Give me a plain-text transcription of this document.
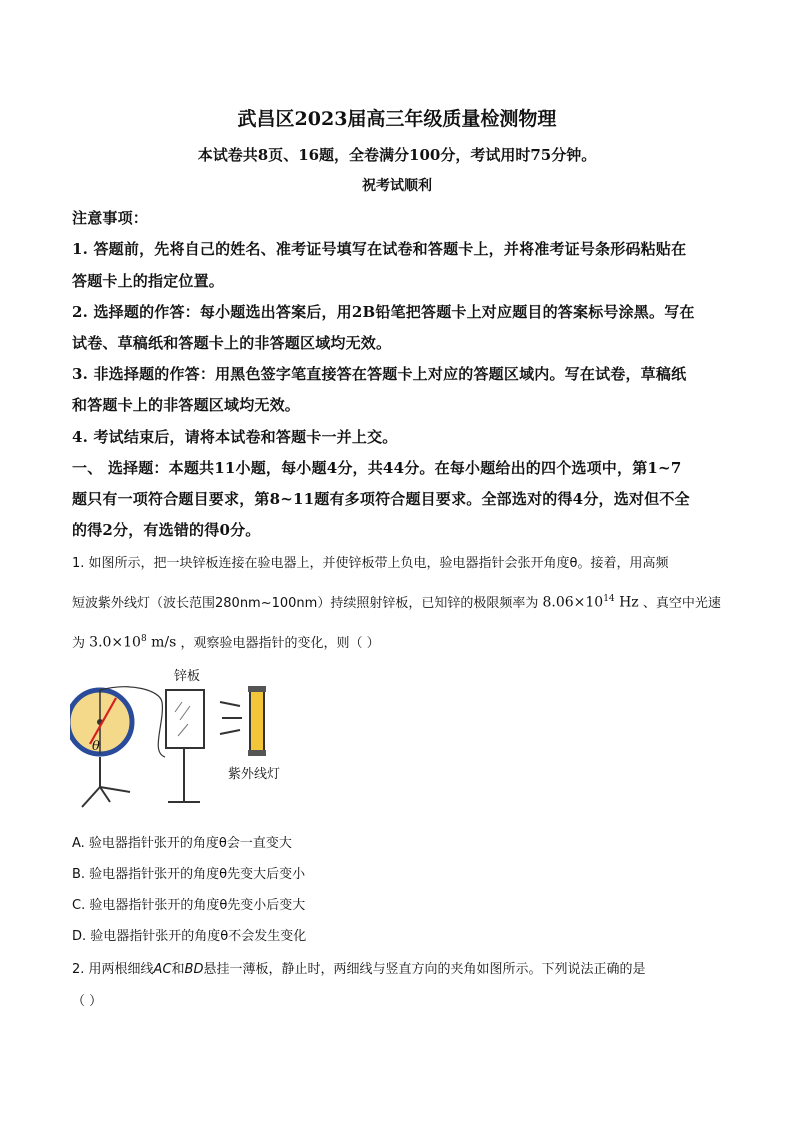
武昌区2023届高三年级质量检测物理
本试卷共8页、16题，全卷满分100分，考试用时75分钟。
祝考试顺利
注意事项：
1. 答题前，先将自己的姓名、准考证号填写在试卷和答题卡上，并将准考证号条形码粘贴在
答题卡上的指定位置。
2. 选择题的作答：每小题选出答案后，用2B铅笔把答题卡上对应题目的答案标号涂黑。写在
试卷、草稿纸和答题卡上的非答题区域均无效。
3. 非选择题的作答：用黑色签字笔直接答在答题卡上对应的答题区域内。写在试卷，草稿纸
和答题卡上的非答题区域均无效。
4. 考试结束后，请将本试卷和答题卡一并上交。
一、 选择题：本题共11小题，每小题4分，共44分。在每小题给出的四个选项中，第1~7
题只有一项符合题目要求，第8~11题有多项符合题目要求。全部选对的得4分，选对但不全
的得2分，有选错的得0分。
1. 如图所示，把一块锌板连接在验电器上，并使锌板带上负电，验电器指针会张开角度θ。接着，用高频
短波紫外线灯（波长范围280nm~100nm）持续照射锌板，已知锌的极限频率为 $8.06\times 10^{14}$ Hz 、真空中光速
为 $3.0\times 10^8$ m/s ，观察验电器指针的变化，则（ ）
θ
锌板
紫外线灯
A. 验电器指针张开的角度θ会一直变大
B. 验电器指针张开的角度θ先变大后变小
C. 验电器指针张开的角度θ先变小后变大
D. 验电器指针张开的角度θ不会发生变化
2. 用两根细线AC和BD悬挂一薄板，静止时，两细线与竖直方向的夹角如图所示。下列说法正确的是
（ ）
